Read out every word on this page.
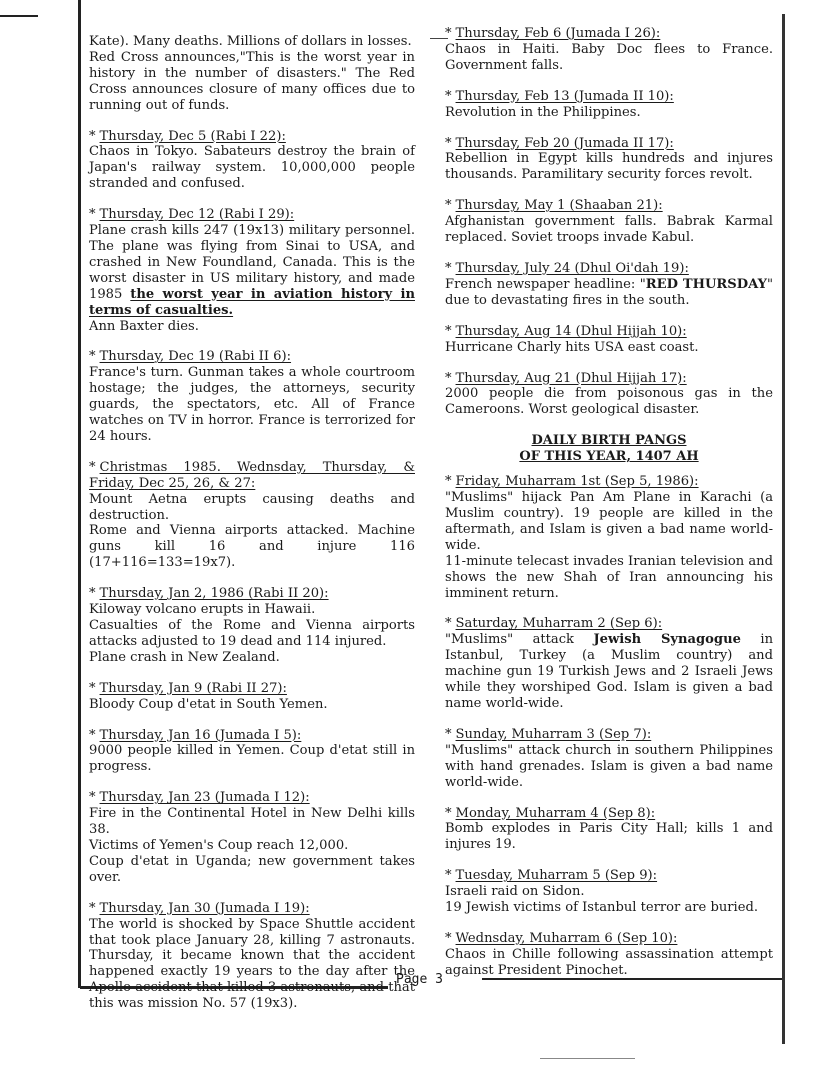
Kate). Many deaths. Millions of dollars in losses.

Red Cross announces,"This is the worst year in history in the number of disasters." The Red Cross announces closure of many offices due to running out of funds.

* Thursday, Dec 5 (Rabi I 22):

Chaos in Tokyo. Sabateurs destroy the brain of Japan's railway system. 10,000,000 people stranded and confused.

* Thursday, Dec 12 (Rabi I 29):

Plane crash kills 247 (19x13) military personnel. The plane was flying from Sinai to USA, and crashed in New Foundland, Canada. This is the worst disaster in US military history, and made 1985 the worst year in aviation history in terms of casualties.

Ann Baxter dies.

* Thursday, Dec 19 (Rabi II 6):

France's turn. Gunman takes a whole courtroom hostage; the judges, the attorneys, security guards, the spectators, etc. All of France watches on TV in horror. France is terrorized for 24 hours.

* Christmas 1985. Wednsday, Thursday, & Friday, Dec 25, 26, & 27:

Mount Aetna erupts causing deaths and destruction.

Rome and Vienna airports attacked. Machine guns kill 16 and injure 116 (17+116=133=19x7).

* Thursday, Jan 2, 1986 (Rabi II 20):

Kiloway volcano erupts in Hawaii.

Casualties of the Rome and Vienna airports attacks adjusted to 19 dead and 114 injured.

Plane crash in New Zealand.

* Thursday, Jan 9 (Rabi II 27):

Bloody Coup d'etat in South Yemen.

* Thursday, Jan 16 (Jumada I 5):

9000 people killed in Yemen. Coup d'etat still in progress.

* Thursday, Jan 23 (Jumada I 12):

Fire in the Continental Hotel in New Delhi kills 38.

Victims of Yemen's Coup reach 12,000.

Coup d'etat in Uganda; new government takes over.

* Thursday, Jan 30 (Jumada I 19):

The world is shocked by Space Shuttle accident that took place January 28, killing 7 astronauts. Thursday, it became known that the accident happened exactly 19 years to the day after the Apollo accident that killed 3 astronauts, and that this was mission No. 57 (19x3).

* Thursday, Feb 6 (Jumada I 26):

Chaos in Haiti. Baby Doc flees to France. Government falls.

* Thursday, Feb 13 (Jumada II 10):

Revolution in the Philippines.

* Thursday, Feb 20 (Jumada II 17):

Rebellion in Egypt kills hundreds and injures thousands. Paramilitary security forces revolt.

* Thursday, May 1 (Shaaban 21):

Afghanistan government falls. Babrak Karmal replaced. Soviet troops invade Kabul.

* Thursday, July 24 (Dhul Oi'dah 19):

French newspaper headline: "RED THURSDAY" due to devastating fires in the south.

* Thursday, Aug 14 (Dhul Hijjah 10):

Hurricane Charly hits USA east coast.

* Thursday, Aug 21 (Dhul Hijjah 17):

2000 people die from poisonous gas in the Cameroons. Worst geological disaster.

DAILY BIRTH PANGS
OF THIS YEAR, 1407 AH

* Friday, Muharram 1st (Sep 5, 1986):

"Muslims" hijack Pan Am Plane in Karachi (a Muslim country). 19 people are killed in the aftermath, and Islam is given a bad name world-wide.

11-minute telecast invades Iranian television and shows the new Shah of Iran announcing his imminent return.

* Saturday, Muharram 2 (Sep 6):

"Muslims" attack Jewish Synagogue in Istanbul, Turkey (a Muslim country) and machine gun 19 Turkish Jews and 2 Israeli Jews while they worshiped God. Islam is given a bad name world-wide.

* Sunday, Muharram 3 (Sep 7):

"Muslims" attack church in southern Philippines with hand grenades. Islam is given a bad name world-wide.

* Monday, Muharram 4 (Sep 8):

Bomb explodes in Paris City Hall; kills 1 and injures 19.

* Tuesday, Muharram 5 (Sep 9):

Israeli raid on Sidon.

19 Jewish victims of Istanbul terror are buried.

* Wednsday, Muharram 6 (Sep 10):

Chaos in Chille following assassination attempt against President Pinochet.

Page 3
